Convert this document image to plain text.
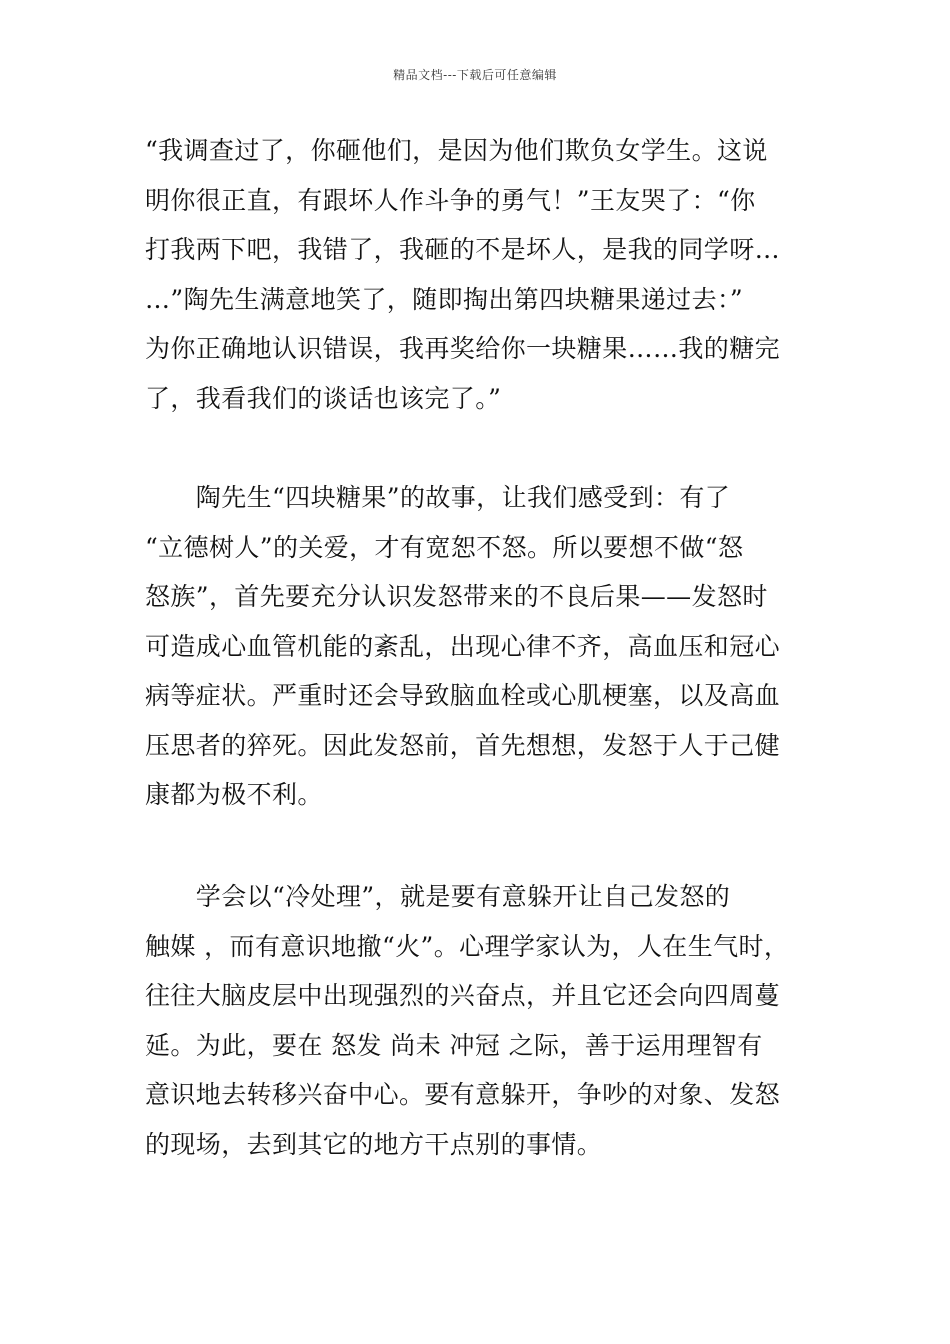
精品文档---下载后可任意编辑

“我调查过了，你砸他们，是因为他们欺负女学生。这说
明你很正直，有跟坏人作斗争的勇气！”王友哭了：“你
打我两下吧，我错了，我砸的不是坏人，是我的同学呀…
…”陶先生满意地笑了，随即掏出第四块糖果递过去：”
为你正确地认识错误，我再奖给你一块糖果……我的糖完
了，我看我们的谈话也该完了。”

　　陶先生“四块糖果”的故事，让我们感受到：有了
“立德树人”的关爱，才有宽恕不怒。所以要想不做“怒
怒族”，首先要充分认识发怒带来的不良后果——发怒时
可造成心血管机能的紊乱，出现心律不齐，高血压和冠心
病等症状。严重时还会导致脑血栓或心肌梗塞，以及高血
压思者的猝死。因此发怒前，首先想想，发怒于人于己健
康都为极不利。

　　学会以“冷处理”，就是要有意躲开让自己发怒的
触媒 ，而有意识地撤“火”。心理学家认为，人在生气时，
往往大脑皮层中出现强烈的兴奋点，并且它还会向四周蔓
延。为此，要在 怒发 尚未 冲冠 之际，善于运用理智有
意识地去转移兴奋中心。要有意躲开，争吵的对象、发怒
的现场，去到其它的地方干点别的事情。
